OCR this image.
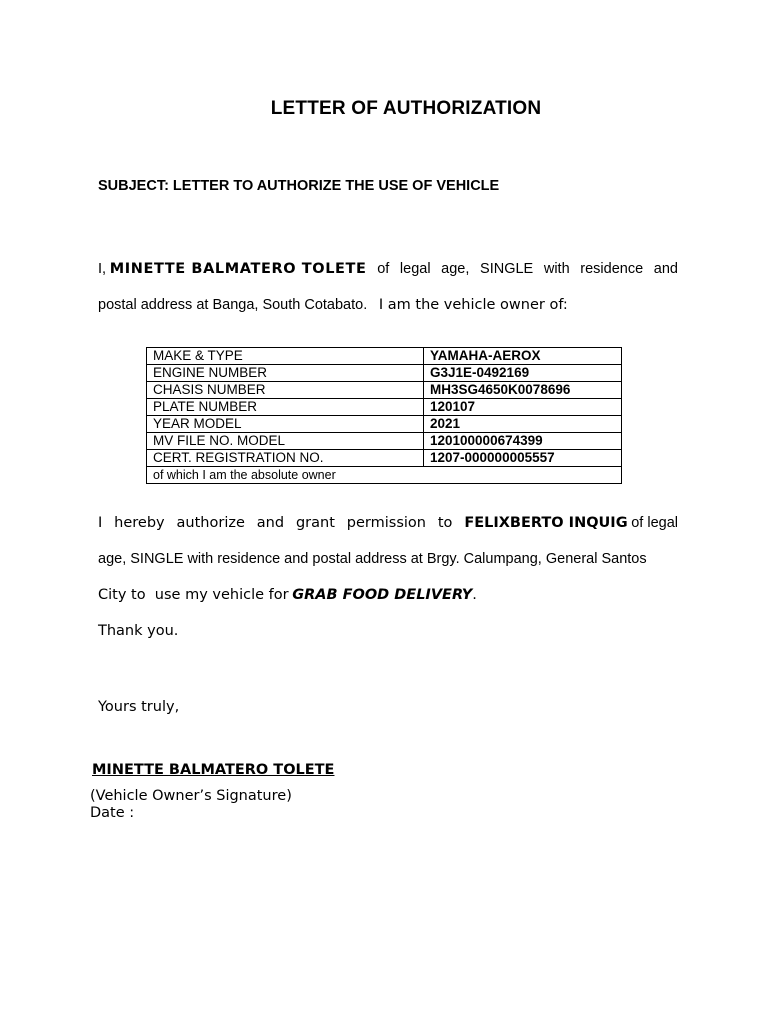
LETTER OF AUTHORIZATION
SUBJECT: LETTER TO AUTHORIZE THE USE OF VEHICLE
I, MINETTE BALMATERO TOLETE of legal age, SINGLE with residence and
postal address at Banga, South Cotabato. I am the vehicle owner of:
MAKE & TYPE	YAMAHA-AEROX
ENGINE NUMBER	G3J1E-0492169
CHASIS NUMBER	MH3SG4650K0078696
PLATE NUMBER	120107
YEAR MODEL	2021
MV FILE NO. MODEL	120100000674399
CERT. REGISTRATION NO.	1207-000000005557
of which I am the absolute owner	
I hereby authorize and grant permission to FELIXBERTO INQUIG of legal
age, SINGLE with residence and postal address at Brgy. Calumpang, General Santos
City to  use my vehicle for GRAB FOOD DELIVERY.
Thank you.
Yours truly,
MINETTE BALMATERO TOLETE
(Vehicle Owner’s Signature)
Date :
